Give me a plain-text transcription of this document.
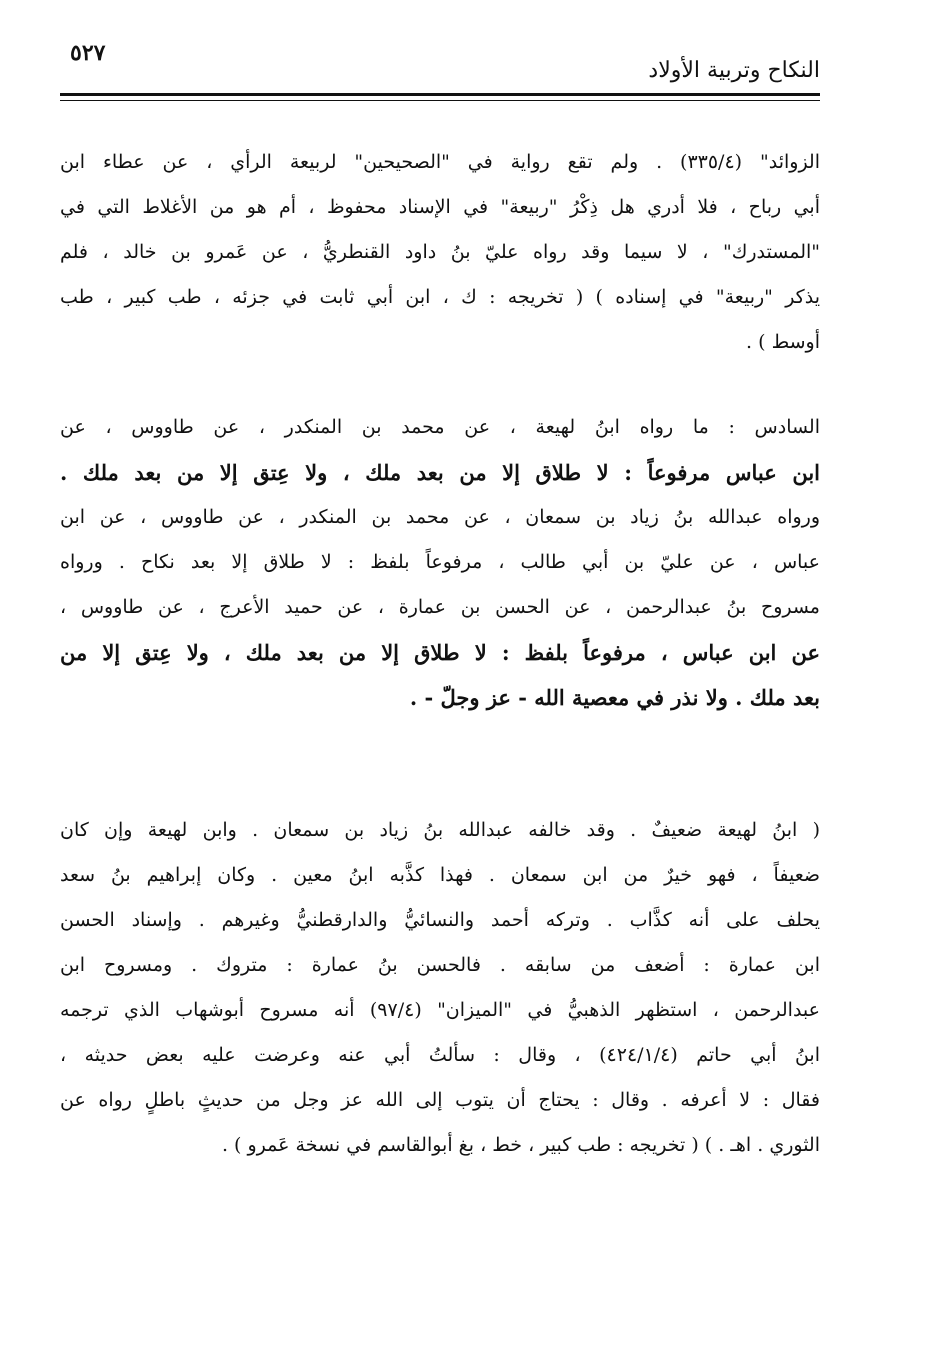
٥٢٧
النكاح وتربية الأولاد
الزوائد" (٣٣٥/٤) . ولم تقع رواية في "الصحيحين" لربيعة الرأي ، عن عطاء ابن
أبي رباح ، فلا أدري هل ذِكْرُ "ربيعة" في الإسناد محفوظ ، أم هو من الأغلاط التي في
"المستدرك" ، لا سيما وقد رواه عليّ بنُ داود القنطريُّ ، عن عَمرو بن خالد ، فلم
يذكر "ربيعة" في إسناده ) ( تخريجه : ك ، ابن أبي ثابت في جزئه ، طب كبير ، طب
أوسط ) .
السادس : ما رواه ابنُ لهيعة ، عن محمد بن المنكدر ، عن طاووس ، عن
ابن عباس مرفوعاً : لا طلاق إلا من بعد ملك ، ولا عِتق إلا من بعد ملك .
ورواه عبدالله بنُ زياد بن سمعان ، عن محمد بن المنكدر ، عن طاووس ، عن ابن
عباس ، عن عليّ بن أبي طالب ، مرفوعاً بلفظ : لا طلاق إلا بعد نكاح . ورواه
مسروح بنُ عبدالرحمن ، عن الحسن بن عمارة ، عن حميد الأعرج ، عن طاووس ،
عن ابن عباس ، مرفوعاً بلفظ : لا طلاق إلا من بعد ملك ، ولا عِتق إلا من
بعد ملك . ولا نذر في معصية الله - عز وجلّ - .
( ابنُ لهيعة ضعيفٌ . وقد خالفه عبدالله بنُ زياد بن سمعان . وابن لهيعة وإن كان
ضعيفاً ، فهو خيرٌ من ابن سمعان . فهذا كذَّبه ابنُ معين . وكان إبراهيم بنُ سعد
يحلف على أنه كذَّاب . وتركه أحمد والنسائيُّ والدارقطنيُّ وغيرهم . وإسناد الحسن
ابن عمارة : أضعف من سابقه . فالحسن بنُ عمارة : متروك . ومسروح ابن
عبدالرحمن ، استظهر الذهبيُّ في "الميزان" (٩٧/٤) أنه مسروح أبوشهاب الذي ترجمه
ابنُ أبي حاتم (٤٢٤/١/٤) ، وقال : سألتُ أبي عنه وعرضت عليه بعض حديثه ،
فقال : لا أعرفه . وقال : يحتاج أن يتوب إلى الله عز وجل من حديثٍ باطلٍ رواه عن
الثوري . اهـ . ) ( تخريجه : طب كبير ، خط ، بغ أبوالقاسم في نسخة عَمرو ) .
